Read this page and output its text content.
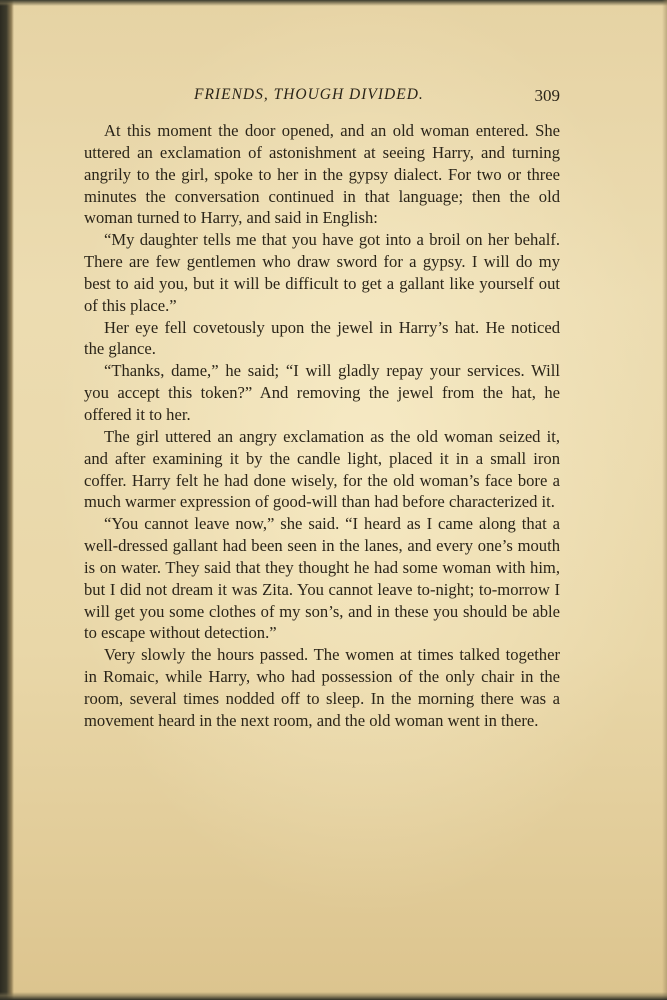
FRIENDS, THOUGH DIVIDED.	309

At this moment the door opened, and an old woman entered. She uttered an exclamation of astonishment at seeing Harry, and turning angrily to the girl, spoke to her in the gypsy dialect. For two or three minutes the conversation continued in that language; then the old woman turned to Harry, and said in English:

“My daughter tells me that you have got into a broil on her behalf. There are few gentlemen who draw sword for a gypsy. I will do my best to aid you, but it will be difficult to get a gallant like yourself out of this place.”

Her eye fell covetously upon the jewel in Harry’s hat. He noticed the glance.

“Thanks, dame,” he said; “I will gladly repay your services. Will you accept this token?” And removing the jewel from the hat, he offered it to her.

The girl uttered an angry exclamation as the old woman seized it, and after examining it by the candle light, placed it in a small iron coffer. Harry felt he had done wisely, for the old woman’s face bore a much warmer expression of good-will than had before characterized it.

“You cannot leave now,” she said. “I heard as I came along that a well-dressed gallant had been seen in the lanes, and every one’s mouth is on water. They said that they thought he had some woman with him, but I did not dream it was Zita. You cannot leave to-night; to-morrow I will get you some clothes of my son’s, and in these you should be able to escape without detection.”

Very slowly the hours passed. The women at times talked together in Romaic, while Harry, who had possession of the only chair in the room, several times nodded off to sleep. In the morning there was a movement heard in the next room, and the old woman went in there.
